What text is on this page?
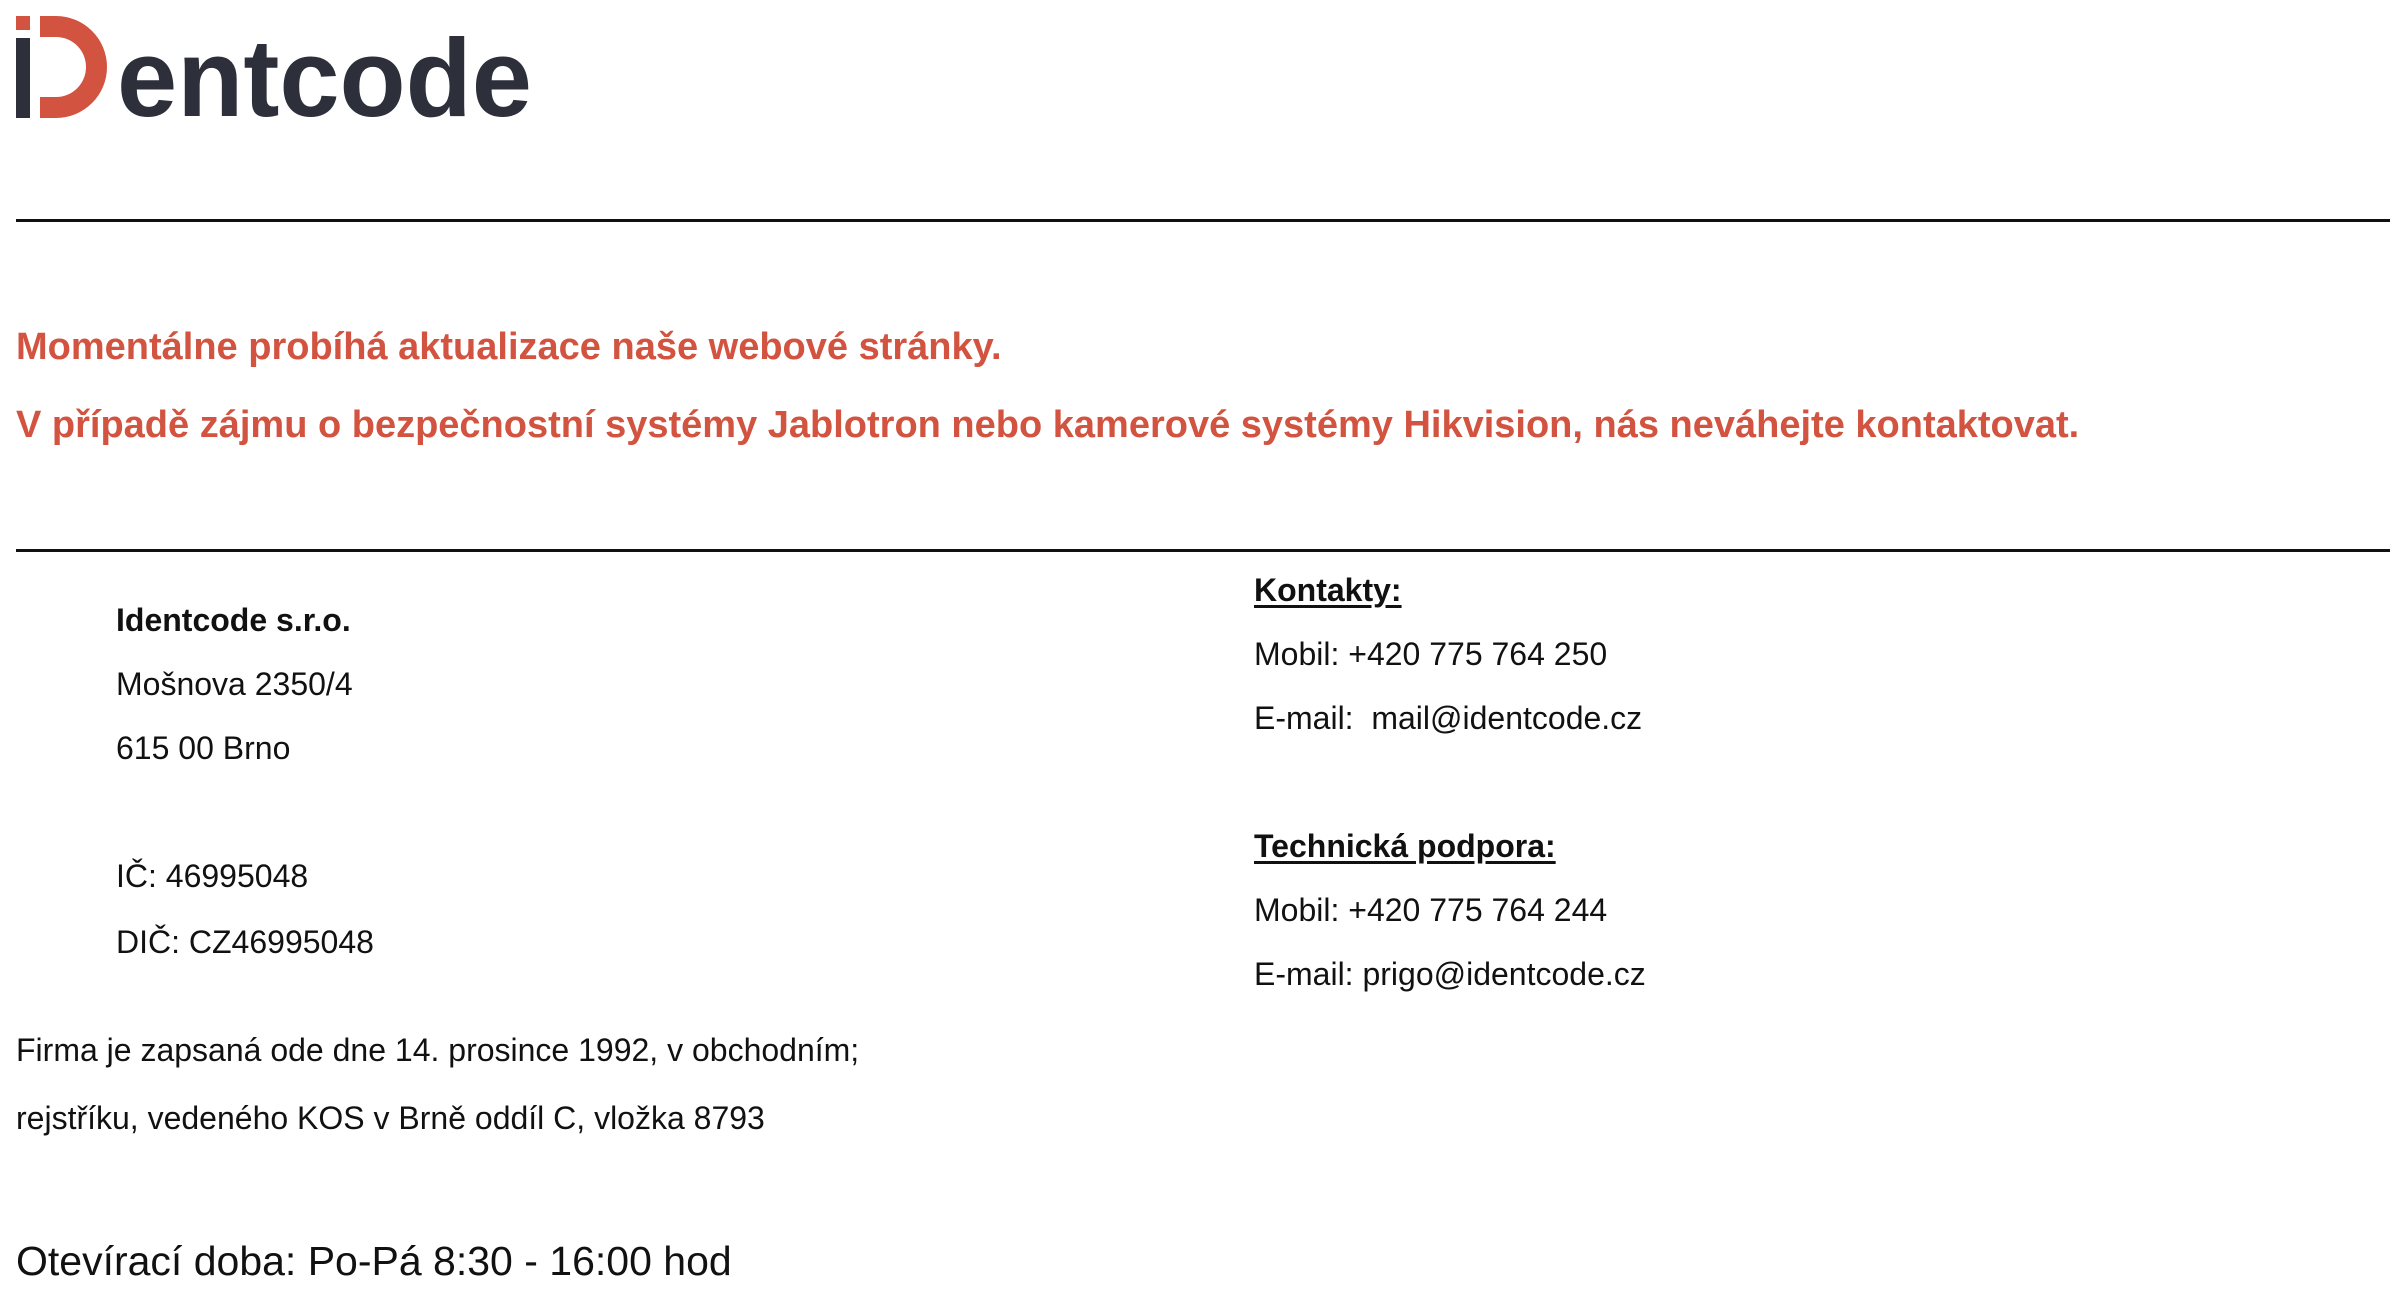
entcode
Momentálne probíhá aktualizace naše webové stránky.
V případě zájmu o bezpečnostní systémy Jablotron nebo kamerové systémy Hikvision, nás neváhejte kontaktovat.
Identcode s.r.o.
Mošnova 2350/4
615 00 Brno
IČ: 46995048
DIČ: CZ46995048
Kontakty:
Mobil: +420 775 764 250
E-mail: mail@identcode.cz
Technická podpora:
Mobil: +420 775 764 244
E-mail: prigo@identcode.cz
Firma je zapsaná ode dne 14. prosince 1992, v obchodním;
rejstříku, vedeného KOS v Brně oddíl C, vložka 8793
Otevírací doba: Po-Pá 8:30 - 16:00 hod
